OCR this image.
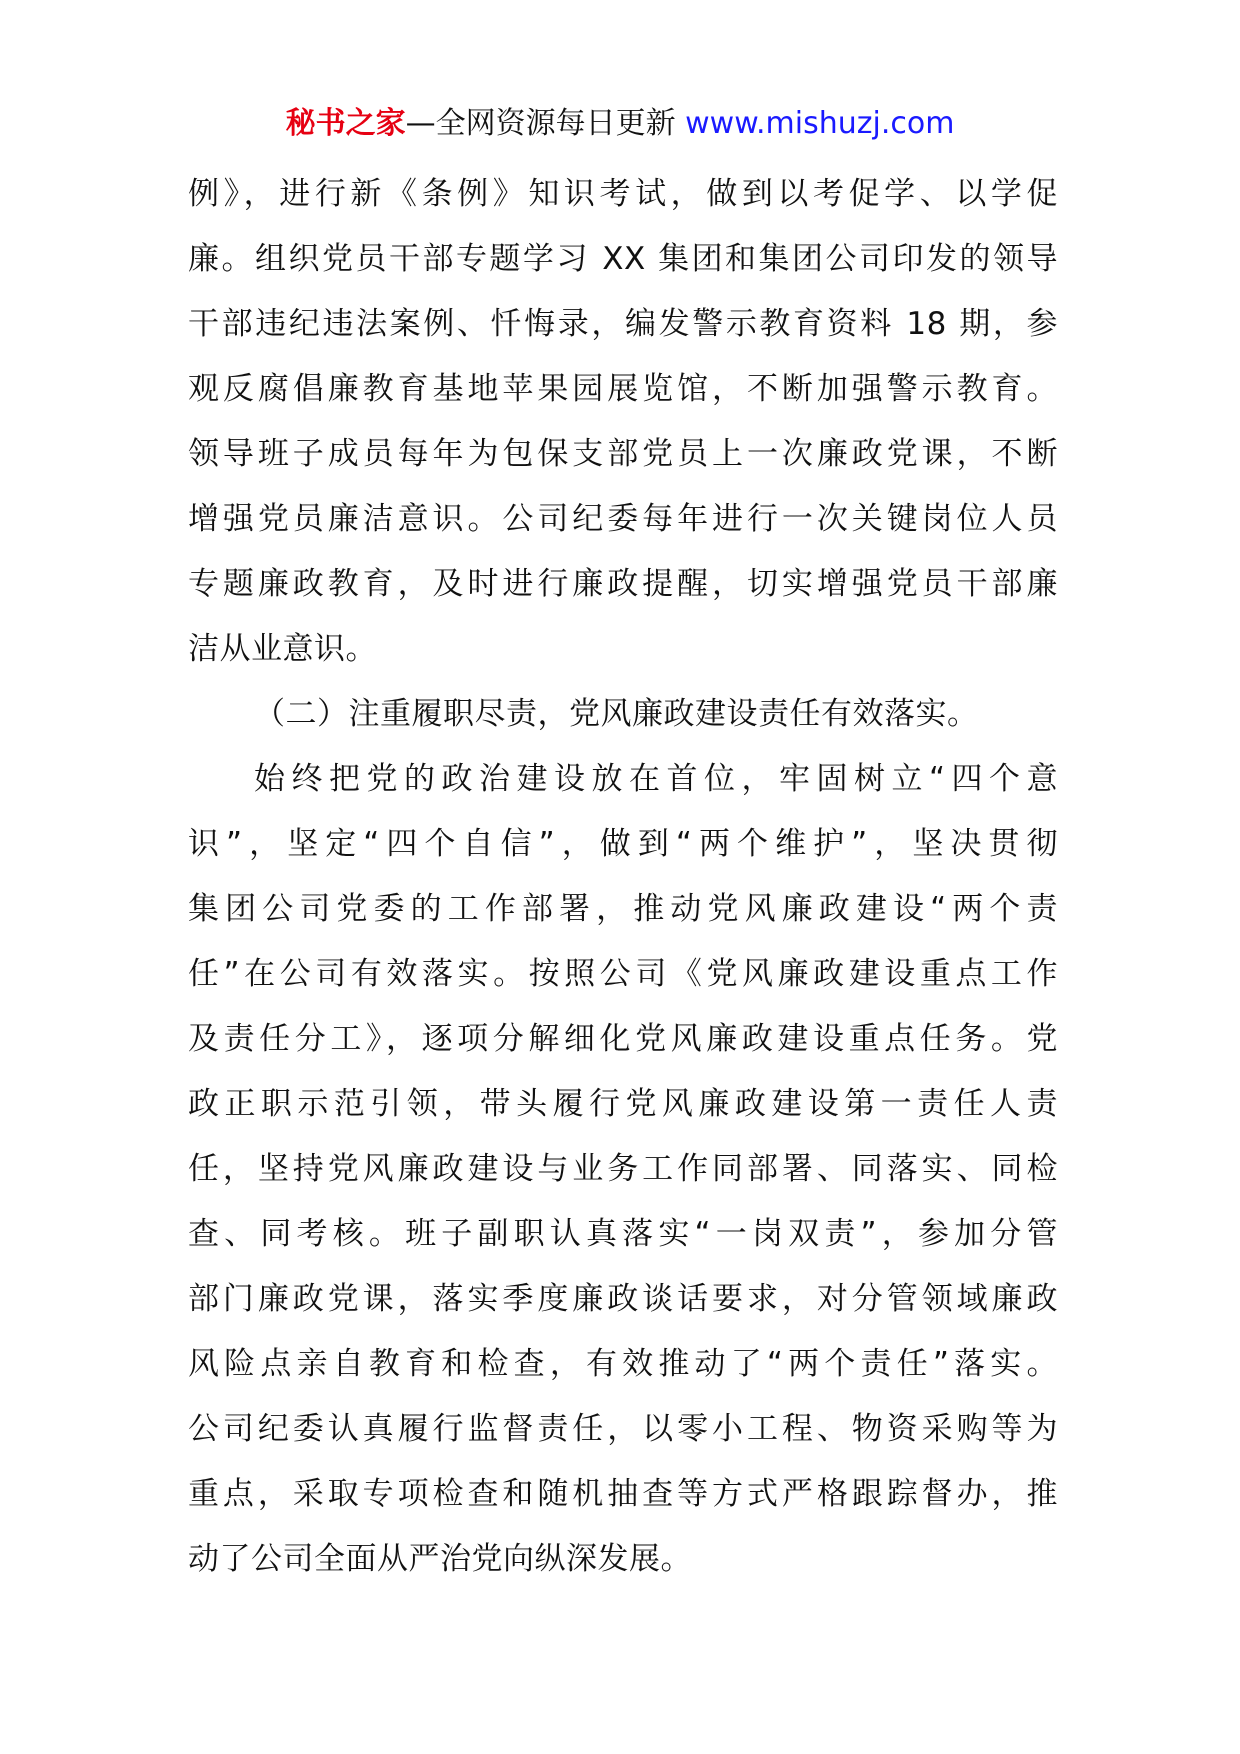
秘书之家—全网资源每日更新 www.mishuzj.com
例》，进行新《条例》知识考试，做到以考促学、以学促
廉。组织党员干部专题学习 XX 集团和集团公司印发的领导
干部违纪违法案例、忏悔录，编发警示教育资料 18 期，参
观反腐倡廉教育基地苹果园展览馆，不断加强警示教育。
领导班子成员每年为包保支部党员上一次廉政党课，不断
增强党员廉洁意识。公司纪委每年进行一次关键岗位人员
专题廉政教育，及时进行廉政提醒，切实增强党员干部廉
洁从业意识。
（二）注重履职尽责，党风廉政建设责任有效落实。
始终把党的政治建设放在首位，牢固树立“四个意
识”，坚定“四个自信”，做到“两个维护”，坚决贯彻
集团公司党委的工作部署，推动党风廉政建设“两个责
任”在公司有效落实。按照公司《党风廉政建设重点工作
及责任分工》，逐项分解细化党风廉政建设重点任务。党
政正职示范引领，带头履行党风廉政建设第一责任人责
任，坚持党风廉政建设与业务工作同部署、同落实、同检
查、同考核。班子副职认真落实“一岗双责”，参加分管
部门廉政党课，落实季度廉政谈话要求，对分管领域廉政
风险点亲自教育和检查，有效推动了“两个责任”落实。
公司纪委认真履行监督责任，以零小工程、物资采购等为
重点，采取专项检查和随机抽查等方式严格跟踪督办，推
动了公司全面从严治党向纵深发展。
